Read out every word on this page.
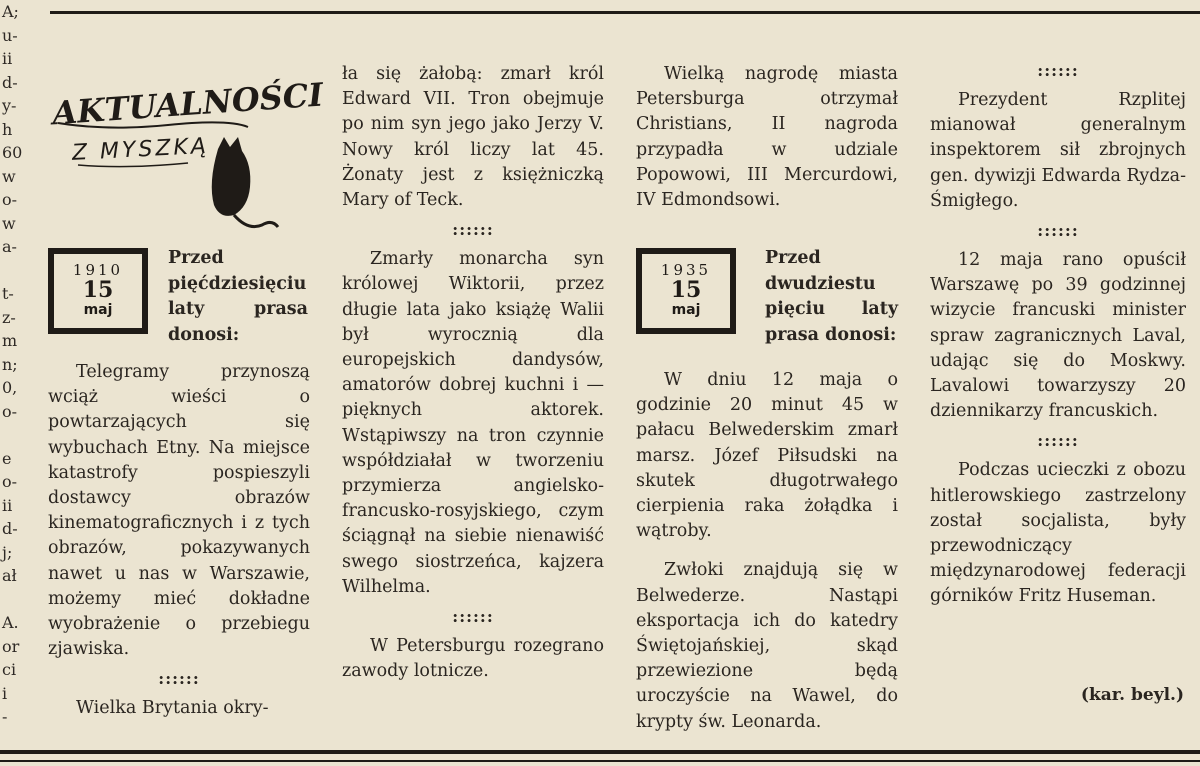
A;
u-
ii
d-
y-
h
60
w
o-
w
a-

t-
z-
m
n;
0,
o-

e
o-
ii
d-
j;
ał

A.
or
ci
i
-
AKTUALNOŚCI
Z MYSZKĄ
1910
15
maj
Przed pięćdziesięciu laty prasa donosi:

Telegramy przynoszą wciąż wieści o powtarzających się wybuchach Etny. Na miejsce katastrofy pospieszyli dostawcy obrazów kinematograficznych i z tych obrazów, pokazywanych nawet u nas w Warszawie, możemy mieć dokładne wyobrażenie o przebiegu zjawiska.

::::::

Wielka Brytania okry-

ła się żałobą: zmarł król Edward VII. Tron obejmuje po nim syn jego jako Jerzy V. Nowy król liczy lat 45. Żonaty jest z księżniczką Mary of Teck.

::::::

Zmarły monarcha syn królowej Wiktorii, przez długie lata jako książę Walii był wyrocznią dla europejskich dandysów, amatorów dobrej kuchni i — pięknych aktorek. Wstąpiwszy na tron czynnie współdziałał w tworzeniu przymierza angielsko-francusko-rosyjskiego, czym ściągnął na siebie nienawiść swego siostrzeńca, kajzera Wilhelma.

::::::

W Petersburgu rozegrano zawody lotnicze.

Wielką nagrodę miasta Petersburga otrzymał Christians, II nagroda przypadła w udziale Popowowi, III Mercurdowi, IV Edmondsowi.

1935
15
maj
Przed dwudziestu pięciu laty prasa donosi:

W dniu 12 maja o godzinie 20 minut 45 w pałacu Belwederskim zmarł marsz. Józef Piłsudski na skutek długotrwałego cierpienia raka żołądka i wątroby.

Zwłoki znajdują się w Belwederze. Nastąpi eksportacja ich do katedry Świętojańskiej, skąd przewiezione będą uroczyście na Wawel, do krypty św. Leonarda.

::::::

Prezydent Rzplitej mianował generalnym inspektorem sił zbrojnych gen. dywizji Edwarda Rydza-Śmigłego.

::::::

12 maja rano opuścił Warszawę po 39 godzinnej wizycie francuski minister spraw zagranicznych Laval, udając się do Moskwy. Lavalowi towarzyszy 20 dziennikarzy francuskich.

::::::

Podczas ucieczki z obozu hitlerowskiego zastrzelony został socjalista, były przewodniczący międzynarodowej federacji górników Fritz Huseman.

(kar. beyl.)
